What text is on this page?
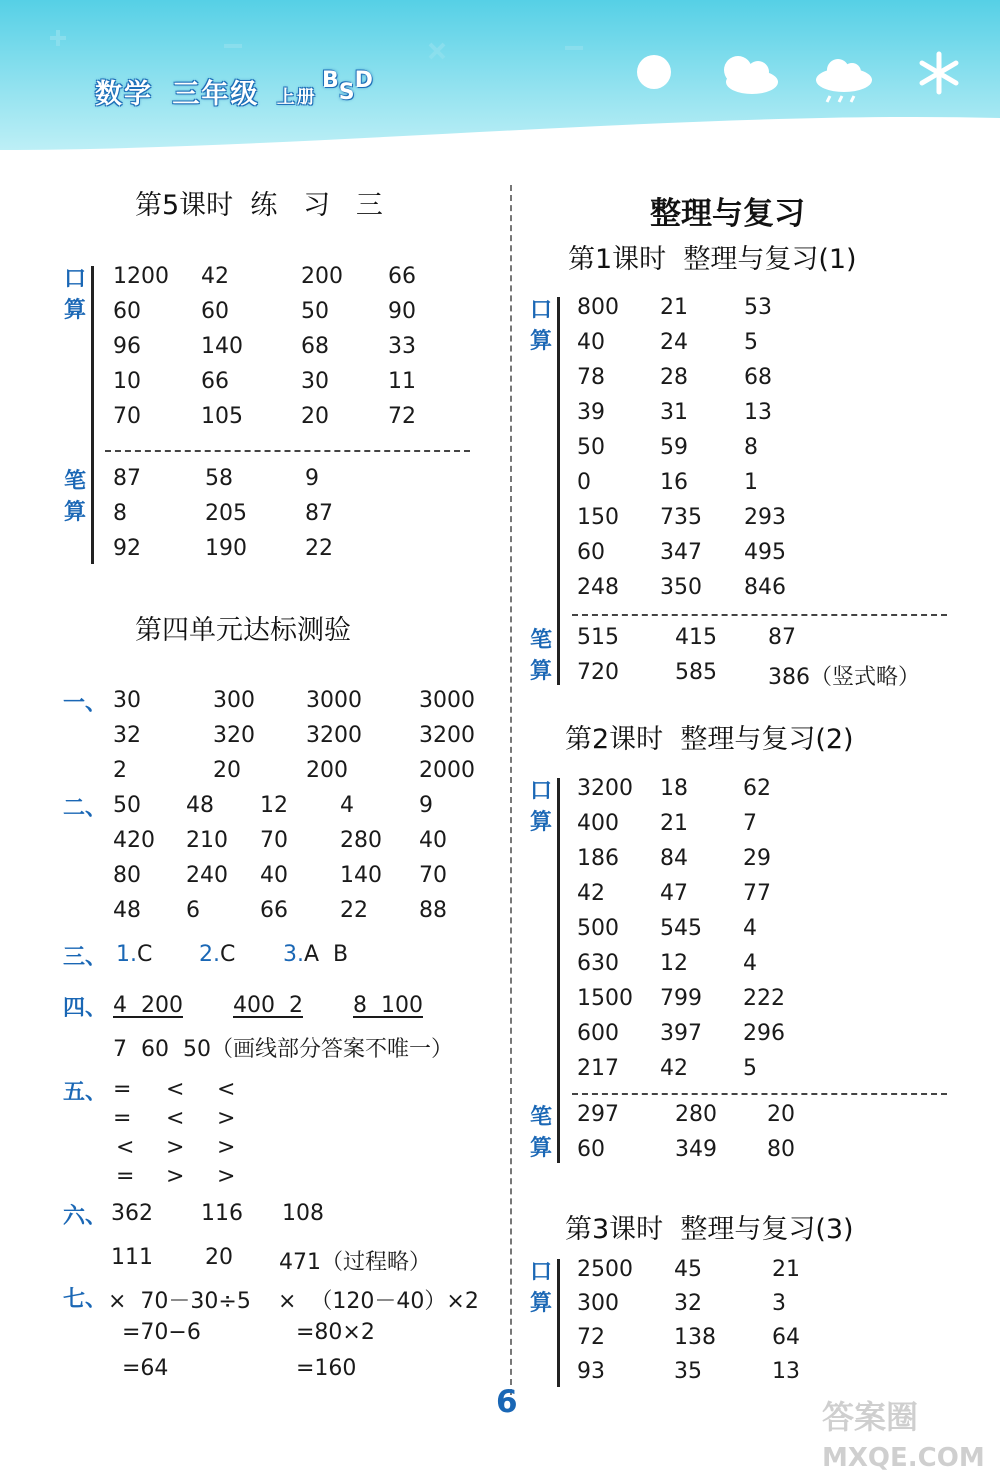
数学 三年级 上册
BSD
第5课时  练   习   三
口
算
1200 42	200 66
60	60	50	90
96	140	68	33
10	66	30	11
70	105	20	72
笔
算
87	58	9
8	205	87
92	190	22
第四单元达标测验
一、 30	300 3000	3000
32	320 3200	3200
2	20	200	2000
二、 50 48 12 4	9
420 210 70 280 40
80 240 40 140 70
48 6	66 22 88
三、 1.C 2.C 3.A  B
四、 4  200 400  2 8  100
7  60  50（画线部分答案不唯一）
五、 = < <
= < >
< > >
= > >
六、 362 116 108
111 20 471（过程略）
七、 ×  70－30÷5 ×  （120－40）×2
=70−6	=80×2
=64	=160
整理与复习
第1课时  整理与复习(1)
口
算
800 21	53
40	24	5
78	28	68
39	31	13
50	59	8
0	16	1
150 735 293
60	347 495
248 350 846
笔
算
515	415 87
720	585 386（竖式略）
第2课时  整理与复习(2)
口
算
3200 18	62
400 21	7
186 84	29
42	47	77
500 545 4
630 12	4
1500 799 222
600 397 296
217 42	5
笔
算
297	280 20
60	349 80
第3课时  整理与复习(3)
口
算
2500 45	21
300	32	3
72	138	64
93	35	13
6	答案圈
MXQE.COM
